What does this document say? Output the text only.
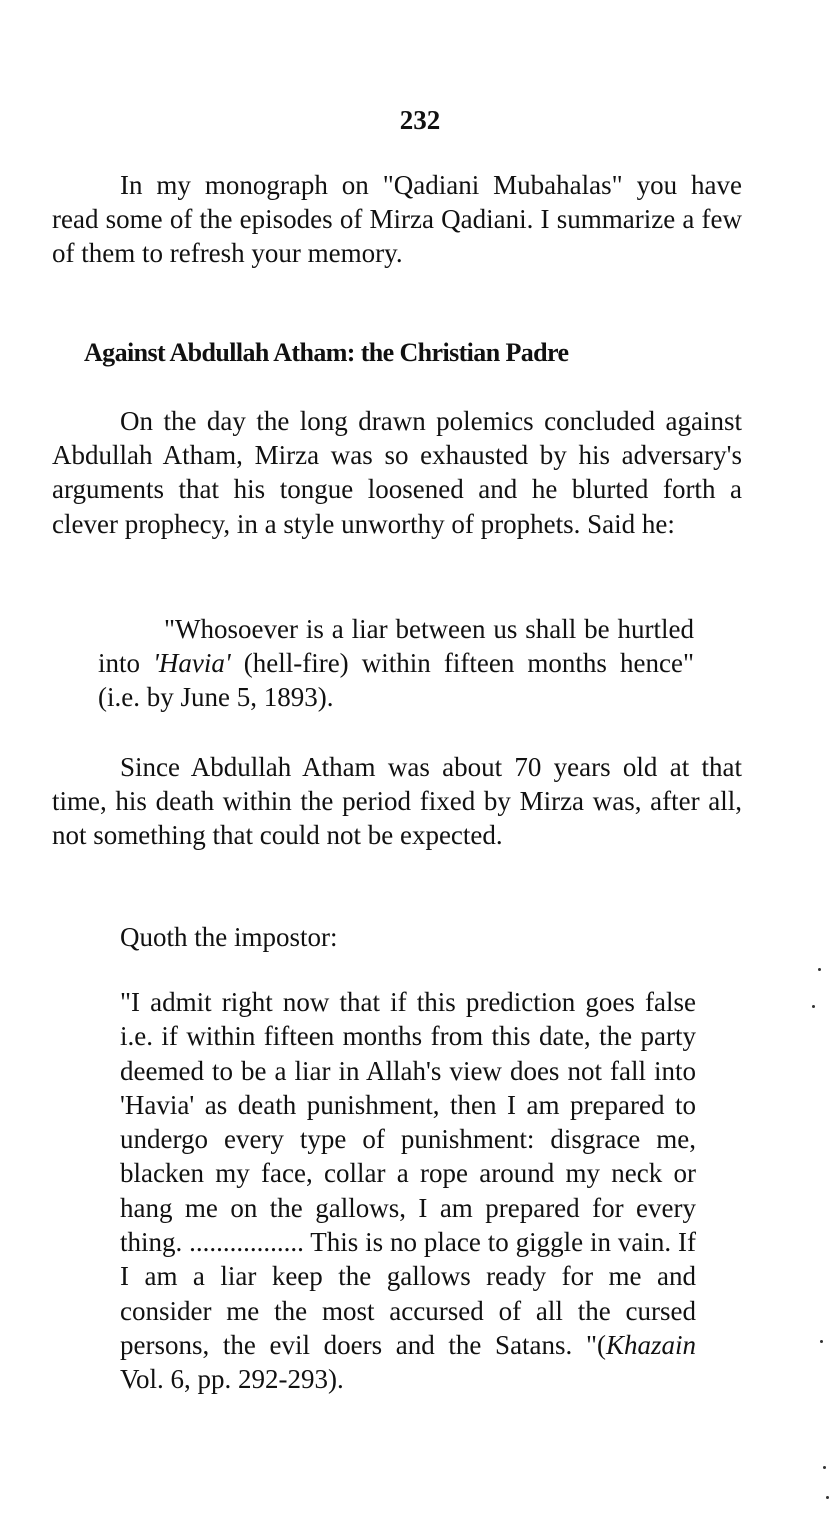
232

In my monograph on "Qadiani Mubahalas" you have read some of the episodes of Mirza Qadiani. I summarize a few of them to refresh your memory.

Against Abdullah Atham: the Christian Padre

On the day the long drawn polemics concluded against Abdullah Atham, Mirza was so exhausted by his adversary's arguments that his tongue loosened and he blurted forth a clever prophecy, in a style unworthy of prophets. Said he:

"Whosoever is a liar between us shall be hurtled into 'Havia' (hell-fire) within fifteen months hence" (i.e. by June 5, 1893).

Since Abdullah Atham was about 70 years old at that time, his death within the period fixed by Mirza was, after all, not something that could not be expected.

Quoth the impostor:

"I admit right now that if this prediction goes false i.e. if within fifteen months from this date, the party deemed to be a liar in Allah's view does not fall into 'Havia' as death punishment, then I am prepared to undergo every type of punishment: disgrace me, blacken my face, collar a rope around my neck or hang me on the gallows, I am prepared for every thing. ................. This is no place to giggle in vain. If I am a liar keep the gallows ready for me and consider me the most accursed of all the cursed persons, the evil doers and the Satans. "(Khazain Vol. 6, pp. 292-293).
